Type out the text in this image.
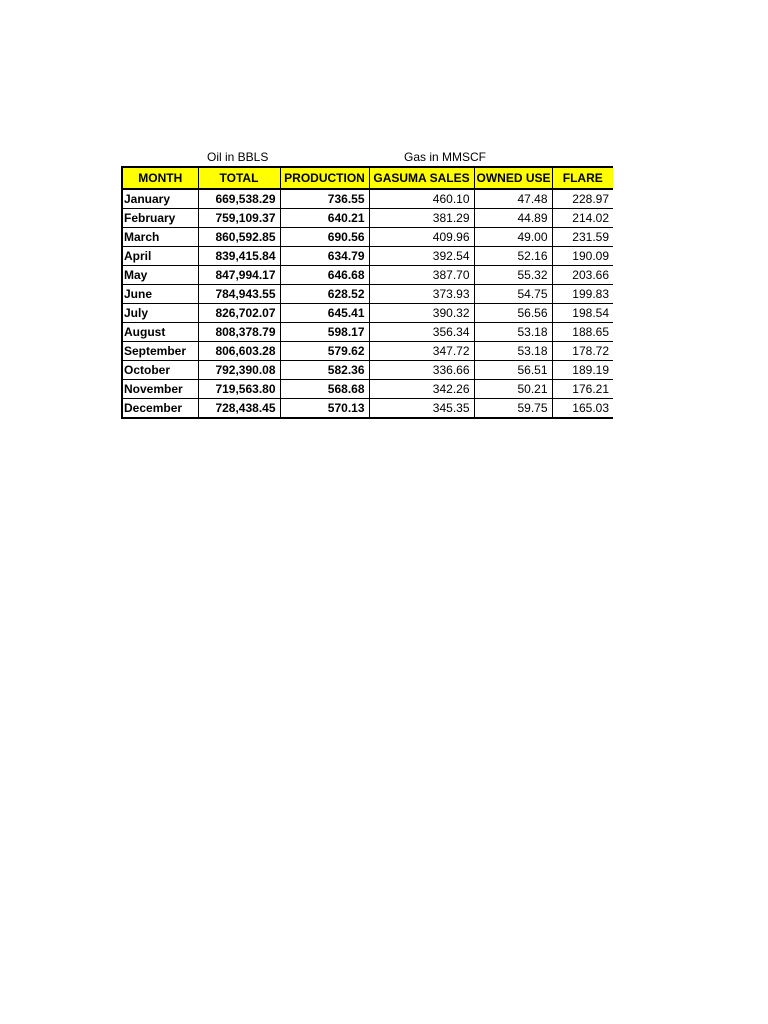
Oil in BBLS	Gas in MMSCF
MONTH	TOTAL	PRODUCTION	GASUMA SALES	OWNED USE	FLARE
January	669,538.29	736.55	460.10	47.48	228.97
February	759,109.37	640.21	381.29	44.89	214.02
March	860,592.85	690.56	409.96	49.00	231.59
April	839,415.84	634.79	392.54	52.16	190.09
May	847,994.17	646.68	387.70	55.32	203.66
June	784,943.55	628.52	373.93	54.75	199.83
July	826,702.07	645.41	390.32	56.56	198.54
August	808,378.79	598.17	356.34	53.18	188.65
September	806,603.28	579.62	347.72	53.18	178.72
October	792,390.08	582.36	336.66	56.51	189.19
November	719,563.80	568.68	342.26	50.21	176.21
December	728,438.45	570.13	345.35	59.75	165.03
